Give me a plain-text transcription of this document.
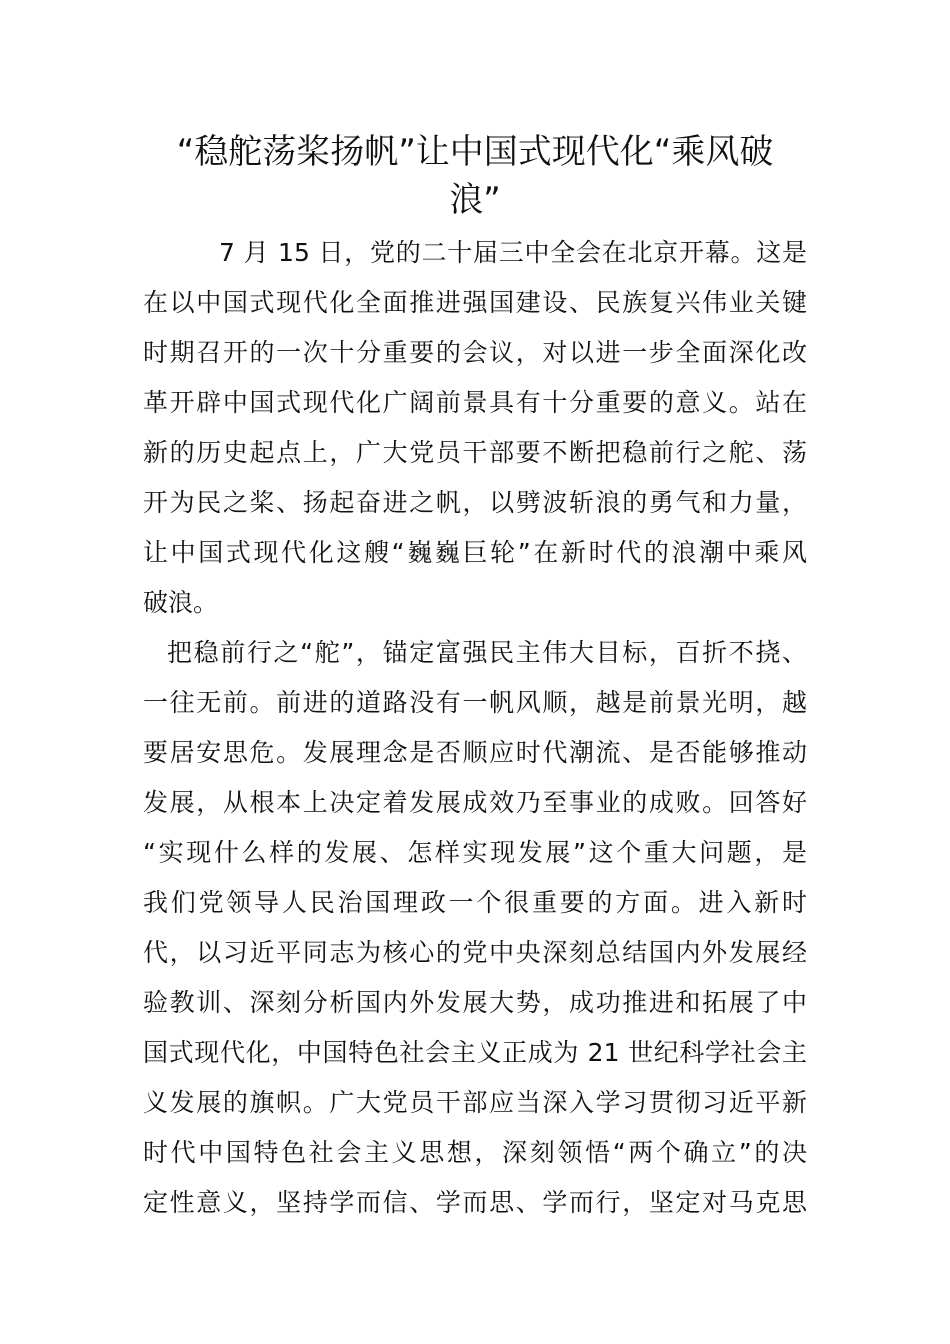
“稳舵荡桨扬帆”让中国式现代化“乘风破
浪”
7 月 15 日，党的二十届三中全会在北京开幕。这是
在以中国式现代化全面推进强国建设、民族复兴伟业关键
时期召开的一次十分重要的会议，对以进一步全面深化改
革开辟中国式现代化广阔前景具有十分重要的意义。站在
新的历史起点上，广大党员干部要不断把稳前行之舵、荡
开为民之桨、扬起奋进之帆，以劈波斩浪的勇气和力量，
让中国式现代化这艘“巍巍巨轮”在新时代的浪潮中乘风
破浪。
把稳前行之“舵”，锚定富强民主伟大目标，百折不挠、
一往无前。前进的道路没有一帆风顺，越是前景光明，越
要居安思危。发展理念是否顺应时代潮流、是否能够推动
发展，从根本上决定着发展成效乃至事业的成败。回答好
“实现什么样的发展、怎样实现发展”这个重大问题，是
我们党领导人民治国理政一个很重要的方面。进入新时
代，以习近平同志为核心的党中央深刻总结国内外发展经
验教训、深刻分析国内外发展大势，成功推进和拓展了中
国式现代化，中国特色社会主义正成为 21 世纪科学社会主
义发展的旗帜。广大党员干部应当深入学习贯彻习近平新
时代中国特色社会主义思想，深刻领悟“两个确立”的决
定性意义，坚持学而信、学而思、学而行，坚定对马克思
